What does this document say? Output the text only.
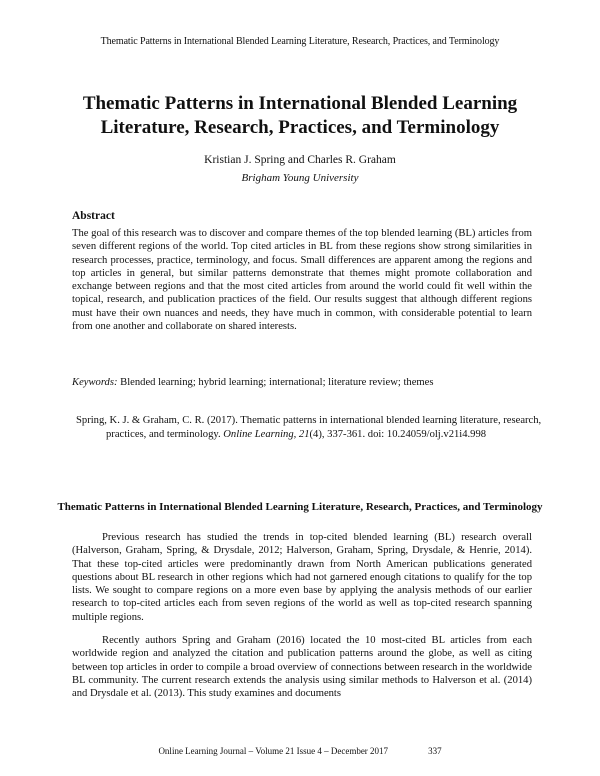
Thematic Patterns in International Blended Learning Literature, Research, Practices, and Terminology
Thematic Patterns in International Blended Learning Literature, Research, Practices, and Terminology
Kristian J. Spring and Charles R. Graham
Brigham Young University
Abstract
The goal of this research was to discover and compare themes of the top blended learning (BL) articles from seven different regions of the world. Top cited articles in BL from these regions show strong similarities in research processes, practice, terminology, and focus. Small differences are apparent among the regions and top articles in general, but similar patterns demonstrate that themes might promote collaboration and exchange between regions and that the most cited articles from around the world could fit well within the topical, research, and publication practices of the field. Our results suggest that although different regions must have their own nuances and needs, they have much in common, with considerable potential to learn from one another and collaborate on shared interests.
Keywords: Blended learning; hybrid learning; international; literature review; themes
Spring, K. J. & Graham, C. R. (2017). Thematic patterns in international blended learning literature, research, practices, and terminology. Online Learning, 21(4), 337-361. doi: 10.24059/olj.v21i4.998
Thematic Patterns in International Blended Learning Literature, Research, Practices, and Terminology
Previous research has studied the trends in top-cited blended learning (BL) research overall (Halverson, Graham, Spring, & Drysdale, 2012; Halverson, Graham, Spring, Drysdale, & Henrie, 2014). That these top-cited articles were predominantly drawn from North American publications generated questions about BL research in other regions which had not garnered enough citations to qualify for the top lists. We sought to compare regions on a more even base by applying the analysis methods of our earlier research to top-cited articles each from seven regions of the world as well as top-cited research spanning multiple regions.
Recently authors Spring and Graham (2016) located the 10 most-cited BL articles from each worldwide region and analyzed the citation and publication patterns around the globe, as well as citing between top articles in order to compile a broad overview of connections between research in the worldwide BL community. The current research extends the analysis using similar methods to Halverson et al. (2014) and Drysdale et al. (2013). This study examines and documents
Online Learning Journal – Volume 21 Issue 4 – December 2017	337
